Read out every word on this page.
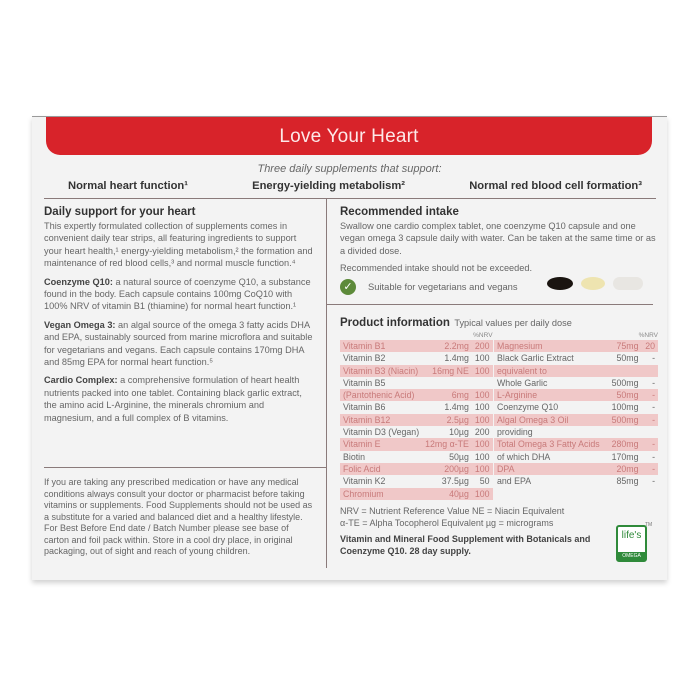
Love Your Heart
Three daily supplements that support:
Normal heart function¹	Energy-yielding metabolism²	Normal red blood cell formation³
Daily support for your heart
This expertly formulated collection of supplements comes in convenient daily tear strips, all featuring ingredients to support your heart health,¹ energy-yielding metabolism,² the formation and maintenance of red blood cells,³ and normal muscle function.⁴
Coenzyme Q10: a natural source of coenzyme Q10, a substance found in the body. Each capsule contains 100mg CoQ10 with 100% NRV of vitamin B1 (thiamine) for normal heart function.¹
Vegan Omega 3: an algal source of the omega 3 fatty acids DHA and EPA, sustainably sourced from marine microflora and suitable for vegetarians and vegans. Each capsule contains 170mg DHA and 85mg EPA for normal heart function.⁵
Cardio Complex: a comprehensive formulation of heart health nutrients packed into one tablet. Containing black garlic extract, the amino acid L-Arginine, the minerals chromium and magnesium, and a full complex of B vitamins.
If you are taking any prescribed medication or have any medical conditions always consult your doctor or pharmacist before taking vitamins or supplements. Food Supplements should not be used as a substitute for a varied and balanced diet and a healthy lifestyle.
For Best Before End date / Batch Number please see base of carton and foil pack within. Store in a cool dry place, in original packaging, out of sight and reach of young children.
Recommended intake
Swallow one cardio complex tablet, one coenzyme Q10 capsule and one vegan omega 3 capsule daily with water. Can be taken at the same time or as a divided dose.
Recommended intake should not be exceeded.
✓	Suitable for vegetarians and vegans
Product information Typical values per daily dose
%NRV
Vitamin B1	2.2mg	200
Vitamin B2	1.4mg	100
Vitamin B3 (Niacin)	16mg NE	100
Vitamin B5		
(Pantothenic Acid)	6mg	100
Vitamin B6	1.4mg	100
Vitamin B12	2.5µg	100
Vitamin D3 (Vegan)	10µg	200
Vitamin E	12mg α-TE	100
Biotin	50µg	100
Folic Acid	200µg	100
Vitamin K2	37.5µg	50
Chromium	40µg	100
%NRV
Magnesium	75mg	20
Black Garlic Extract	50mg	-
equivalent to		
Whole Garlic	500mg	-
L-Arginine	50mg	-
Coenzyme Q10	100mg	-
Algal Omega 3 Oil	500mg	-
providing		
Total Omega 3 Fatty Acids	280mg	-
of which DHA	170mg	-
DPA	20mg	-
and EPA	85mg	-
NRV = Nutrient Reference Value NE = Niacin Equivalent
α-TE = Alpha Tocopherol Equivalent µg = micrograms
Vitamin and Mineral Food Supplement with Botanicals and Coenzyme Q10. 28 day supply.
life's
OMEGA
TM
